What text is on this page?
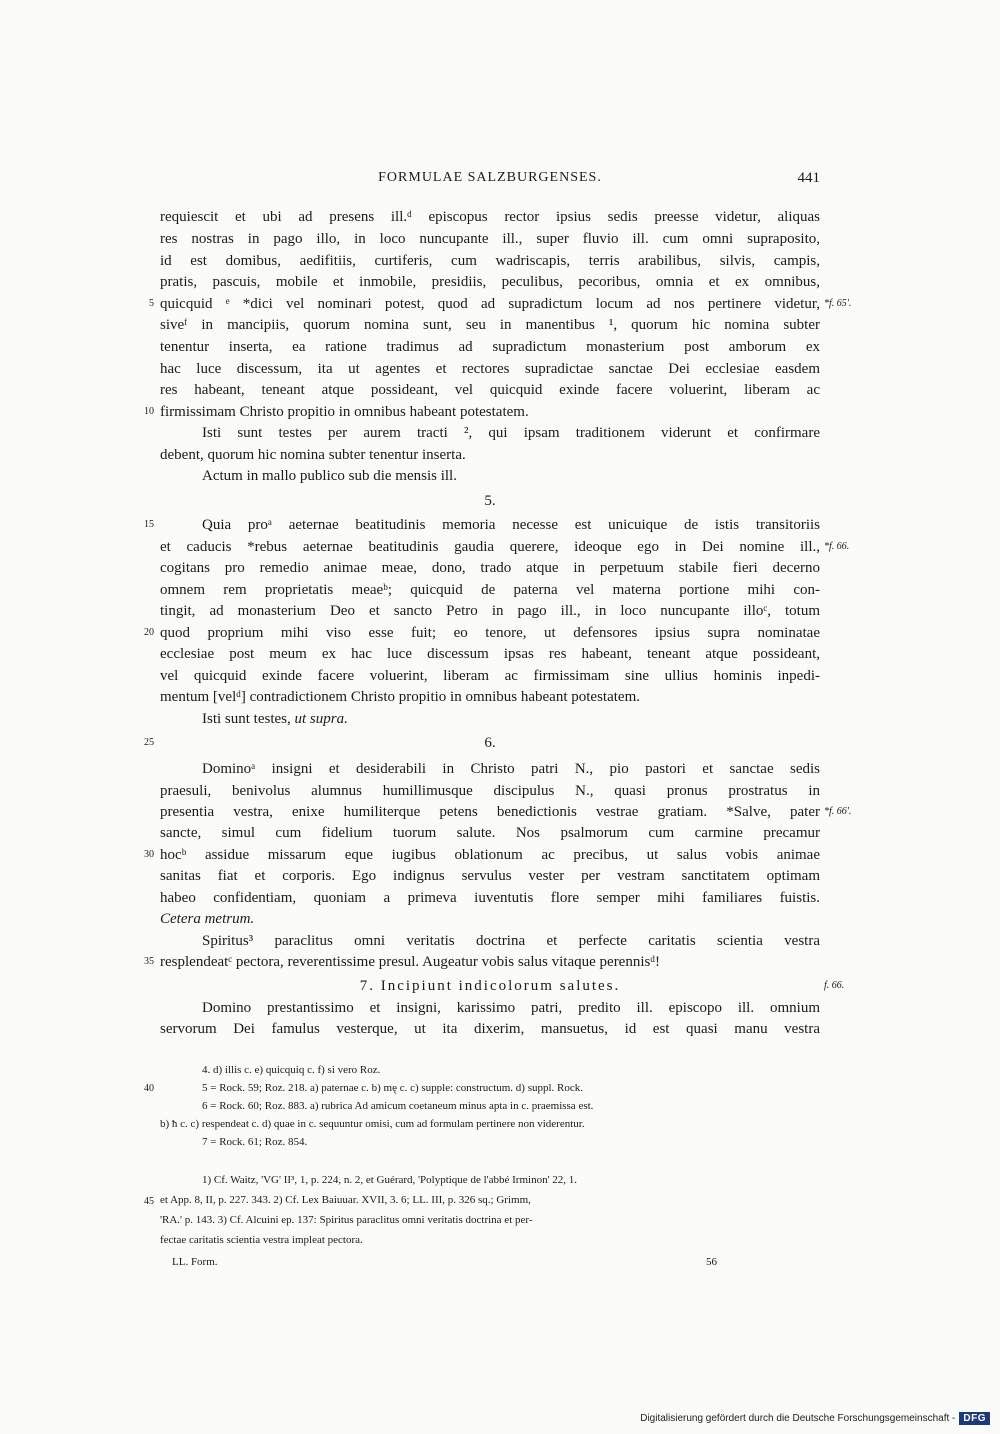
FORMULAE SALZBURGENSES.	441
requiescit et ubi ad presens ill.ᵈ episcopus rector ipsius sedis preesse videtur, aliquas
res nostras in pago illo, in loco nuncupante ill., super fluvio ill. cum omni supraposito,
id est domibus, aedifitiis, curtiferis, cum wadriscapis, terris arabilibus, silvis, campis,
pratis, pascuis, mobile et inmobile, presidiis, peculibus, pecoribus, omnia et ex omnibus,
quicquid ᵉ *dici vel nominari potest, quod ad supradictum locum ad nos pertinere videtur,
siveᶠ in mancipiis, quorum nomina sunt, seu in manentibus ¹, quorum hic nomina subter
tenentur inserta, ea ratione tradimus ad supradictum monasterium post amborum ex
hac luce discessum, ita ut agentes et rectores supradictae sanctae Dei ecclesiae easdem
res habeant, teneant atque possideant, vel quicquid exinde facere voluerint, liberam ac
firmissimam Christo propitio in omnibus habeant potestatem.
Isti sunt testes per aurem tracti ², qui ipsam traditionem viderunt et confirmare
debent, quorum hic nomina subter tenentur inserta.
Actum in mallo publico sub die mensis ill.
5.
Quia proᵃ aeternae beatitudinis memoria necesse est unicuique de istis transitoriis
et caducis *rebus aeternae beatitudinis gaudia querere, ideoque ego in Dei nomine ill.,
cogitans pro remedio animae meae, dono, trado atque in perpetuum stabile fieri decerno
omnem rem proprietatis meaeᵇ; quicquid de paterna vel materna portione mihi con-
tingit, ad monasterium Deo et sancto Petro in pago ill., in loco nuncupante illoᶜ, totum
quod proprium mihi viso esse fuit; eo tenore, ut defensores ipsius supra nominatae
ecclesiae post meum ex hac luce discessum ipsas res habeant, teneant atque possideant,
vel quicquid exinde facere voluerint, liberam ac firmissimam sine ullius hominis inpedi-
mentum [velᵈ] contradictionem Christo propitio in omnibus habeant potestatem.
Isti sunt testes, ut supra.
6.
Dominoᵃ insigni et desiderabili in Christo patri N., pio pastori et sanctae sedis
praesuli, benivolus alumnus humillimusque discipulus N., quasi pronus prostratus in
presentia vestra, enixe humiliterque petens benedictionis vestrae gratiam. *Salve, pater
sancte, simul cum fidelium tuorum salute. Nos psalmorum cum carmine precamur
hocᵇ assidue missarum eque iugibus oblationum ac precibus, ut salus vobis animae
sanitas fiat et corporis. Ego indignus servulus vester per vestram sanctitatem optimam
habeo confidentiam, quoniam a primeva iuventutis flore semper mihi familiares fuistis.
Cetera metrum.
Spiritus³ paraclitus omni veritatis doctrina et perfecte caritatis scientia vestra
resplendeatᶜ pectora, reverentissime presul. Augeatur vobis salus vitaque perennisᵈ!
7. Incipiunt indicolorum salutes.
Domino prestantissimo et insigni, karissimo patri, predito ill. episcopo ill. omnium
servorum Dei famulus vesterque, ut ita dixerim, mansuetus, id est quasi manu vestra
5
10
15
20
25
30
35
40
45
*f. 65'.
*f. 66.
*f. 66'.
f. 66.
4. d) illis c. e) quicquiq c. f) si vero Roz.
5 = Rock. 59; Roz. 218. a) paternae c. b) mę c. c) supple: constructum. d) suppl. Rock.
6 = Rock. 60; Roz. 883. a) rubrica Ad amicum coetaneum minus apta in c. praemissa est.
b) ħ c. c) respendeat c. d) quae in c. sequuntur omisi, cum ad formulam pertinere non viderentur.
7 = Rock. 61; Roz. 854.
1) Cf. Waitz, 'VG' II³, 1, p. 224, n. 2, et Guérard, 'Polyptique de l'abbé Irminon' 22, 1.
et App. 8, II, p. 227. 343. 2) Cf. Lex Baiuuar. XVII, 3. 6; LL. III, p. 326 sq.; Grimm,
'RA.' p. 143. 3) Cf. Alcuini ep. 137: Spiritus paraclitus omni veritatis doctrina et per-
fectae caritatis scientia vestra impleat pectora.
LL. Form.	56
Digitalisierung gefördert durch die Deutsche Forschungsgemeinschaft - DFG
